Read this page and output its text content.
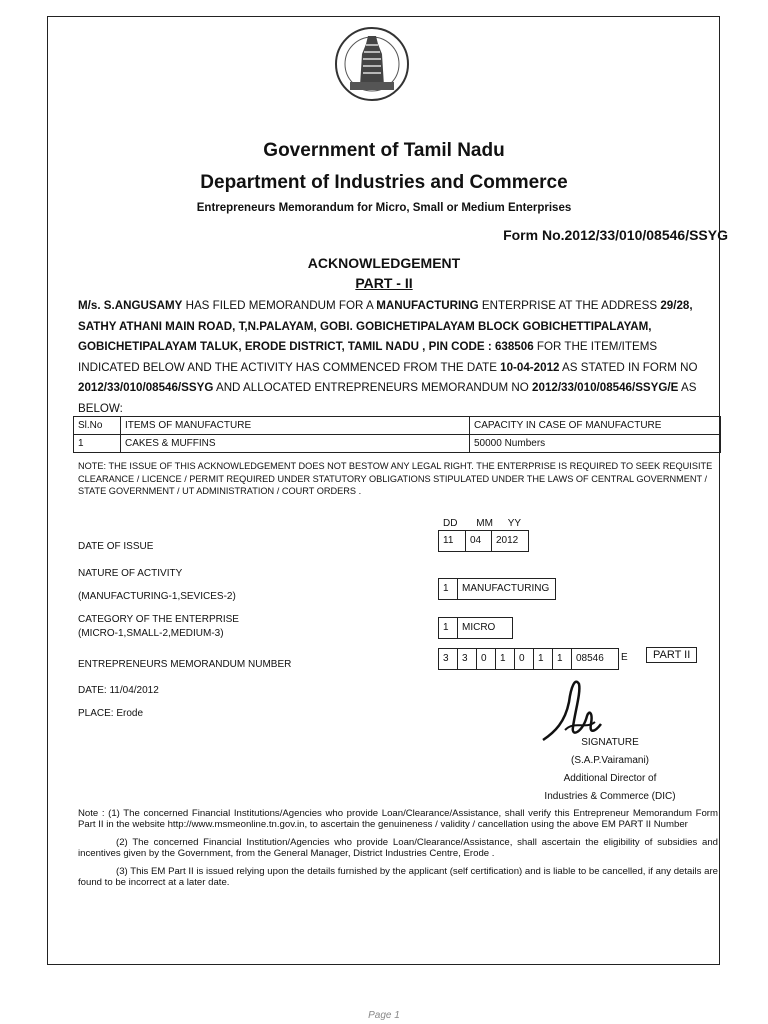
Government of Tamil Nadu
Department of Industries and Commerce
Entrepreneurs Memorandum for Micro, Small or Medium Enterprises
Form No.2012/33/010/08546/SSYG
ACKNOWLEDGEMENT
PART - II
M/s. S.ANGUSAMY HAS FILED MEMORANDUM FOR A MANUFACTURING ENTERPRISE AT THE ADDRESS 29/28, SATHY ATHANI MAIN ROAD, T,N.PALAYAM, GOBI. GOBICHETIPALAYAM BLOCK GOBICHETTIPALAYAM, GOBICHETIPALAYAM TALUK, ERODE DISTRICT, TAMIL NADU , PIN CODE : 638506 FOR THE ITEM/ITEMS INDICATED BELOW AND THE ACTIVITY HAS COMMENCED FROM THE DATE 10-04-2012 AS STATED IN FORM NO 2012/33/010/08546/SSYG AND ALLOCATED ENTREPRENEURS MEMORANDUM NO 2012/33/010/08546/SSYG/E AS BELOW:
Sl.No	ITEMS OF MANUFACTURE	CAPACITY IN CASE OF MANUFACTURE
1	CAKES & MUFFINS	50000 Numbers
NOTE: THE ISSUE OF THIS ACKNOWLEDGEMENT DOES NOT BESTOW ANY LEGAL RIGHT. THE ENTERPRISE IS REQUIRED TO SEEK REQUISITE CLEARANCE / LICENCE / PERMIT REQUIRED UNDER STATUTORY OBLIGATIONS STIPULATED UNDER THE LAWS OF CENTRAL GOVERNMENT / STATE GOVERNMENT / UT ADMINISTRATION / COURT ORDERS .
DD MM YY
DATE OF ISSUE
11	04	2012
NATURE OF ACTIVITY
(MANUFACTURING-1,SEVICES-2)
1	MANUFACTURING
CATEGORY OF THE ENTERPRISE
(MICRO-1,SMALL-2,MEDIUM-3)
1	MICRO
ENTREPRENEURS MEMORANDUM NUMBER
3	3	0	1	0	1	1	08546	E	PART II
DATE: 11/04/2012
PLACE: Erode
SIGNATURE
(S.A.P.Vairamani)
Additional Director of
Industries & Commerce (DIC)

Note : (1) The concerned Financial Institutions/Agencies who provide Loan/Clearance/Assistance, shall verify this Entrepreneur Memorandum Form Part II in the website http://www.msmeonline.tn.gov.in, to ascertain the genuineness / validity / cancellation using the above EM PART II Number

(2) The concerned Financial Institution/Agencies who provide Loan/Clearance/Assistance, shall ascertain the eligibility of subsidies and incentives given by the Government, from the General Manager, District Industries Centre, Erode .

(3) This EM Part II is issued relying upon the details furnished by the applicant (self certification) and is liable to be cancelled, if any details are found to be incorrect at a later date.

Page 1
